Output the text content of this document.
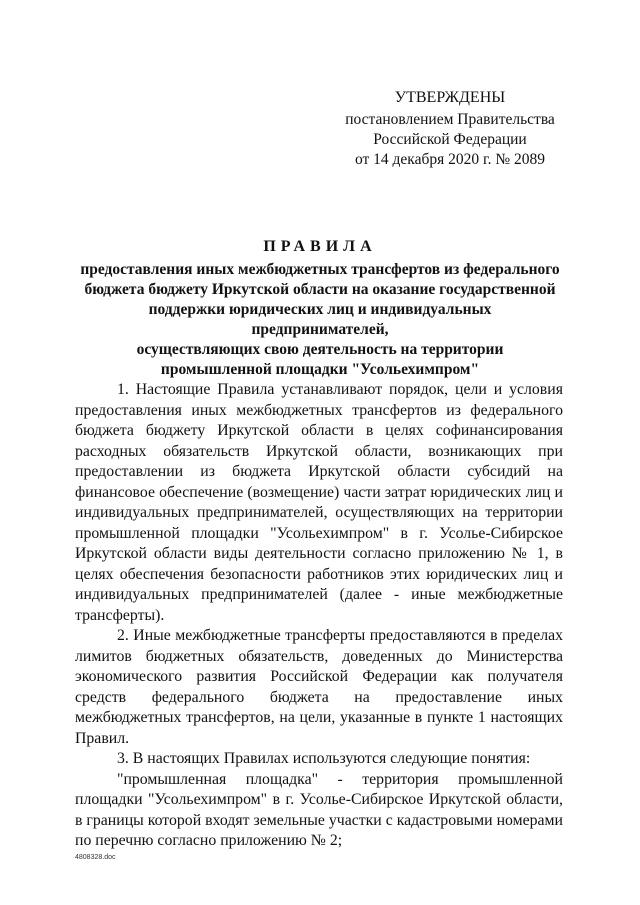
УТВЕРЖДЕНЫ
постановлением Правительства
Российской Федерации
от 14 декабря 2020 г. № 2089
ПРАВИЛА
предоставления иных межбюджетных трансфертов из федерального
бюджета бюджету Иркутской области на оказание государственной
поддержки юридических лиц и индивидуальных предпринимателей,
осуществляющих свою деятельность на территории
промышленной площадки "Усольехимпром"

1. Настоящие Правила устанавливают порядок, цели и условия предоставления иных межбюджетных трансфертов из федерального бюджета бюджету Иркутской области в целях софинансирования расходных обязательств Иркутской области, возникающих при предоставлении из бюджета Иркутской области субсидий на финансовое обеспечение (возмещение) части затрат юридических лиц и индивидуальных предпринимателей, осуществляющих на территории промышленной площадки "Усольехимпром" в г. Усолье-Сибирское Иркутской области виды деятельности согласно приложению № 1, в целях обеспечения безопасности работников этих юридических лиц и индивидуальных предпринимателей (далее - иные межбюджетные трансферты).

2. Иные межбюджетные трансферты предоставляются в пределах лимитов бюджетных обязательств, доведенных до Министерства экономического развития Российской Федерации как получателя средств федерального бюджета на предоставление иных межбюджетных трансфертов, на цели, указанные в пункте 1 настоящих Правил.

3. В настоящих Правилах используются следующие понятия:

"промышленная площадка" - территория промышленной площадки "Усольехимпром" в г. Усолье-Сибирское Иркутской области, в границы которой входят земельные участки с кадастровыми номерами по перечню согласно приложению № 2;

4808328.doc
